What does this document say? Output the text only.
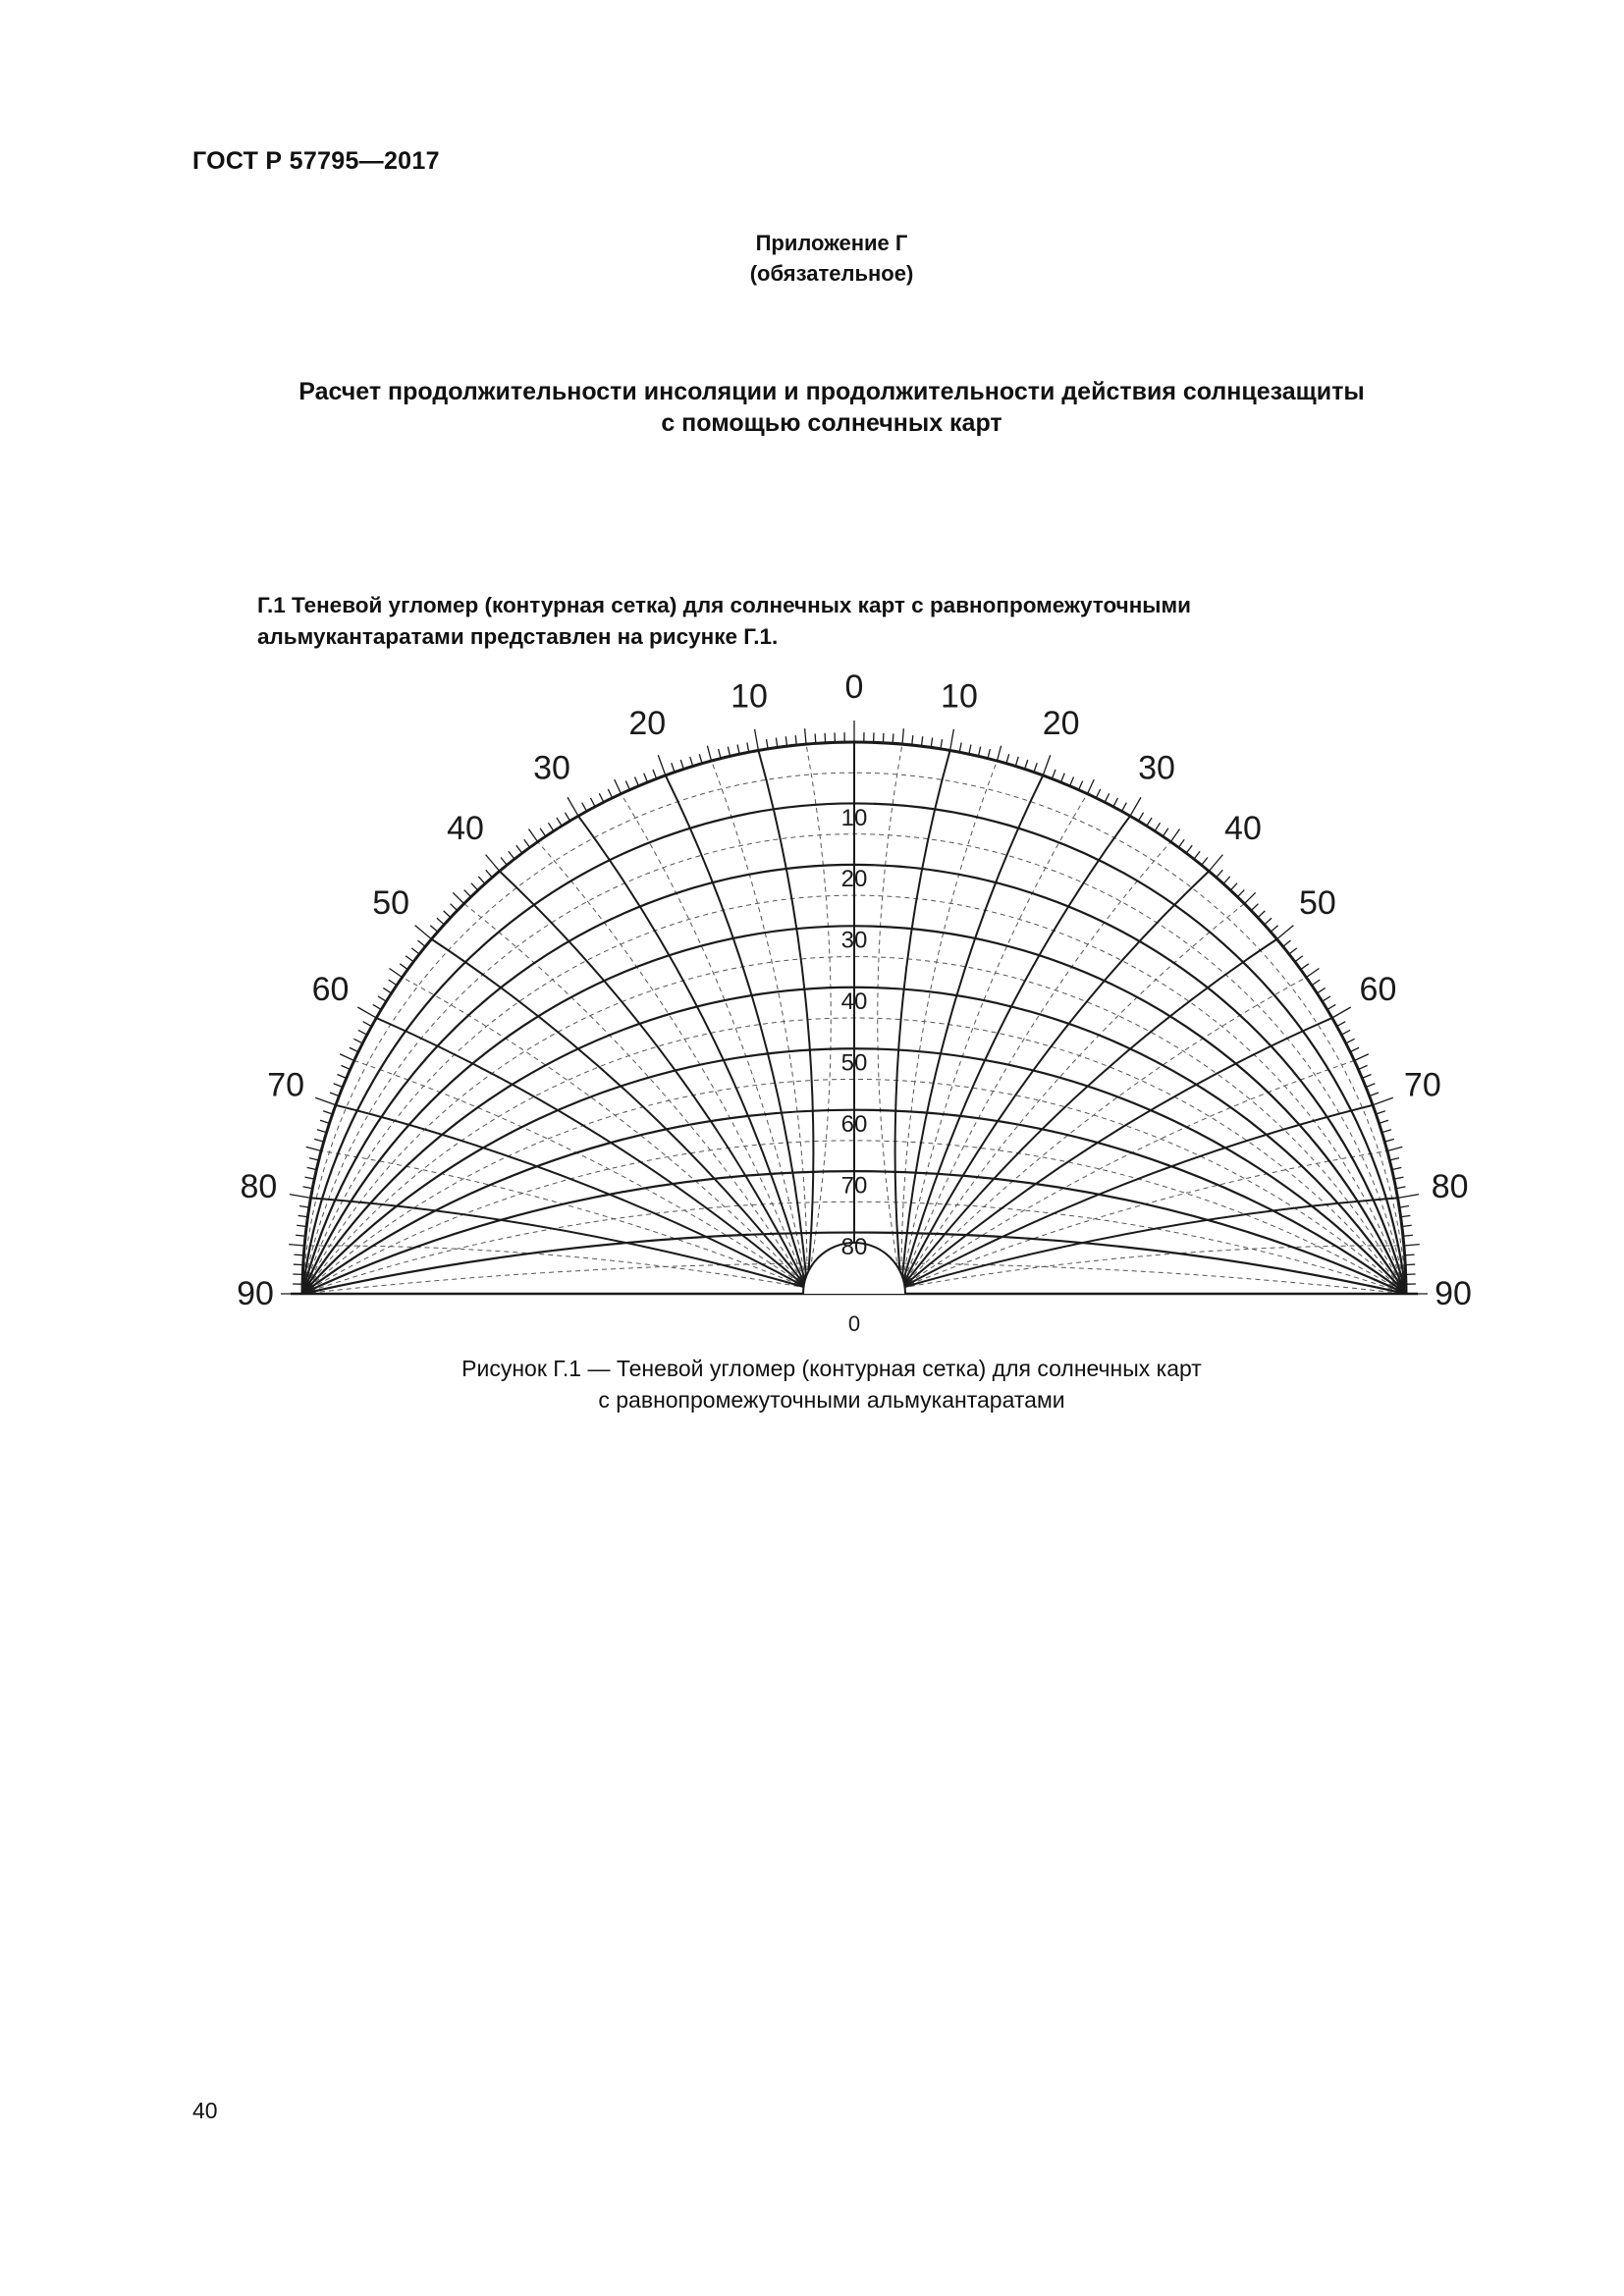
ГОСТ Р 57795—2017
Приложение Г
(обязательное)
Расчет продолжительности инсоляции и продолжительности действия солнцезащиты
с помощью солнечных карт
Г.1 Теневой угломер (контурная сетка) для солнечных карт с равнопромежуточными
альмукантаратами представлен на рисунке Г.1.
0
10	10
20	20
30	30
40	40
50	50
60	60
70	70
80	80
90	90
10
20
30
40
50
60
70
80
0
Рисунок Г.1 — Теневой угломер (контурная сетка) для солнечных карт
с равнопромежуточными альмукантаратами
40
